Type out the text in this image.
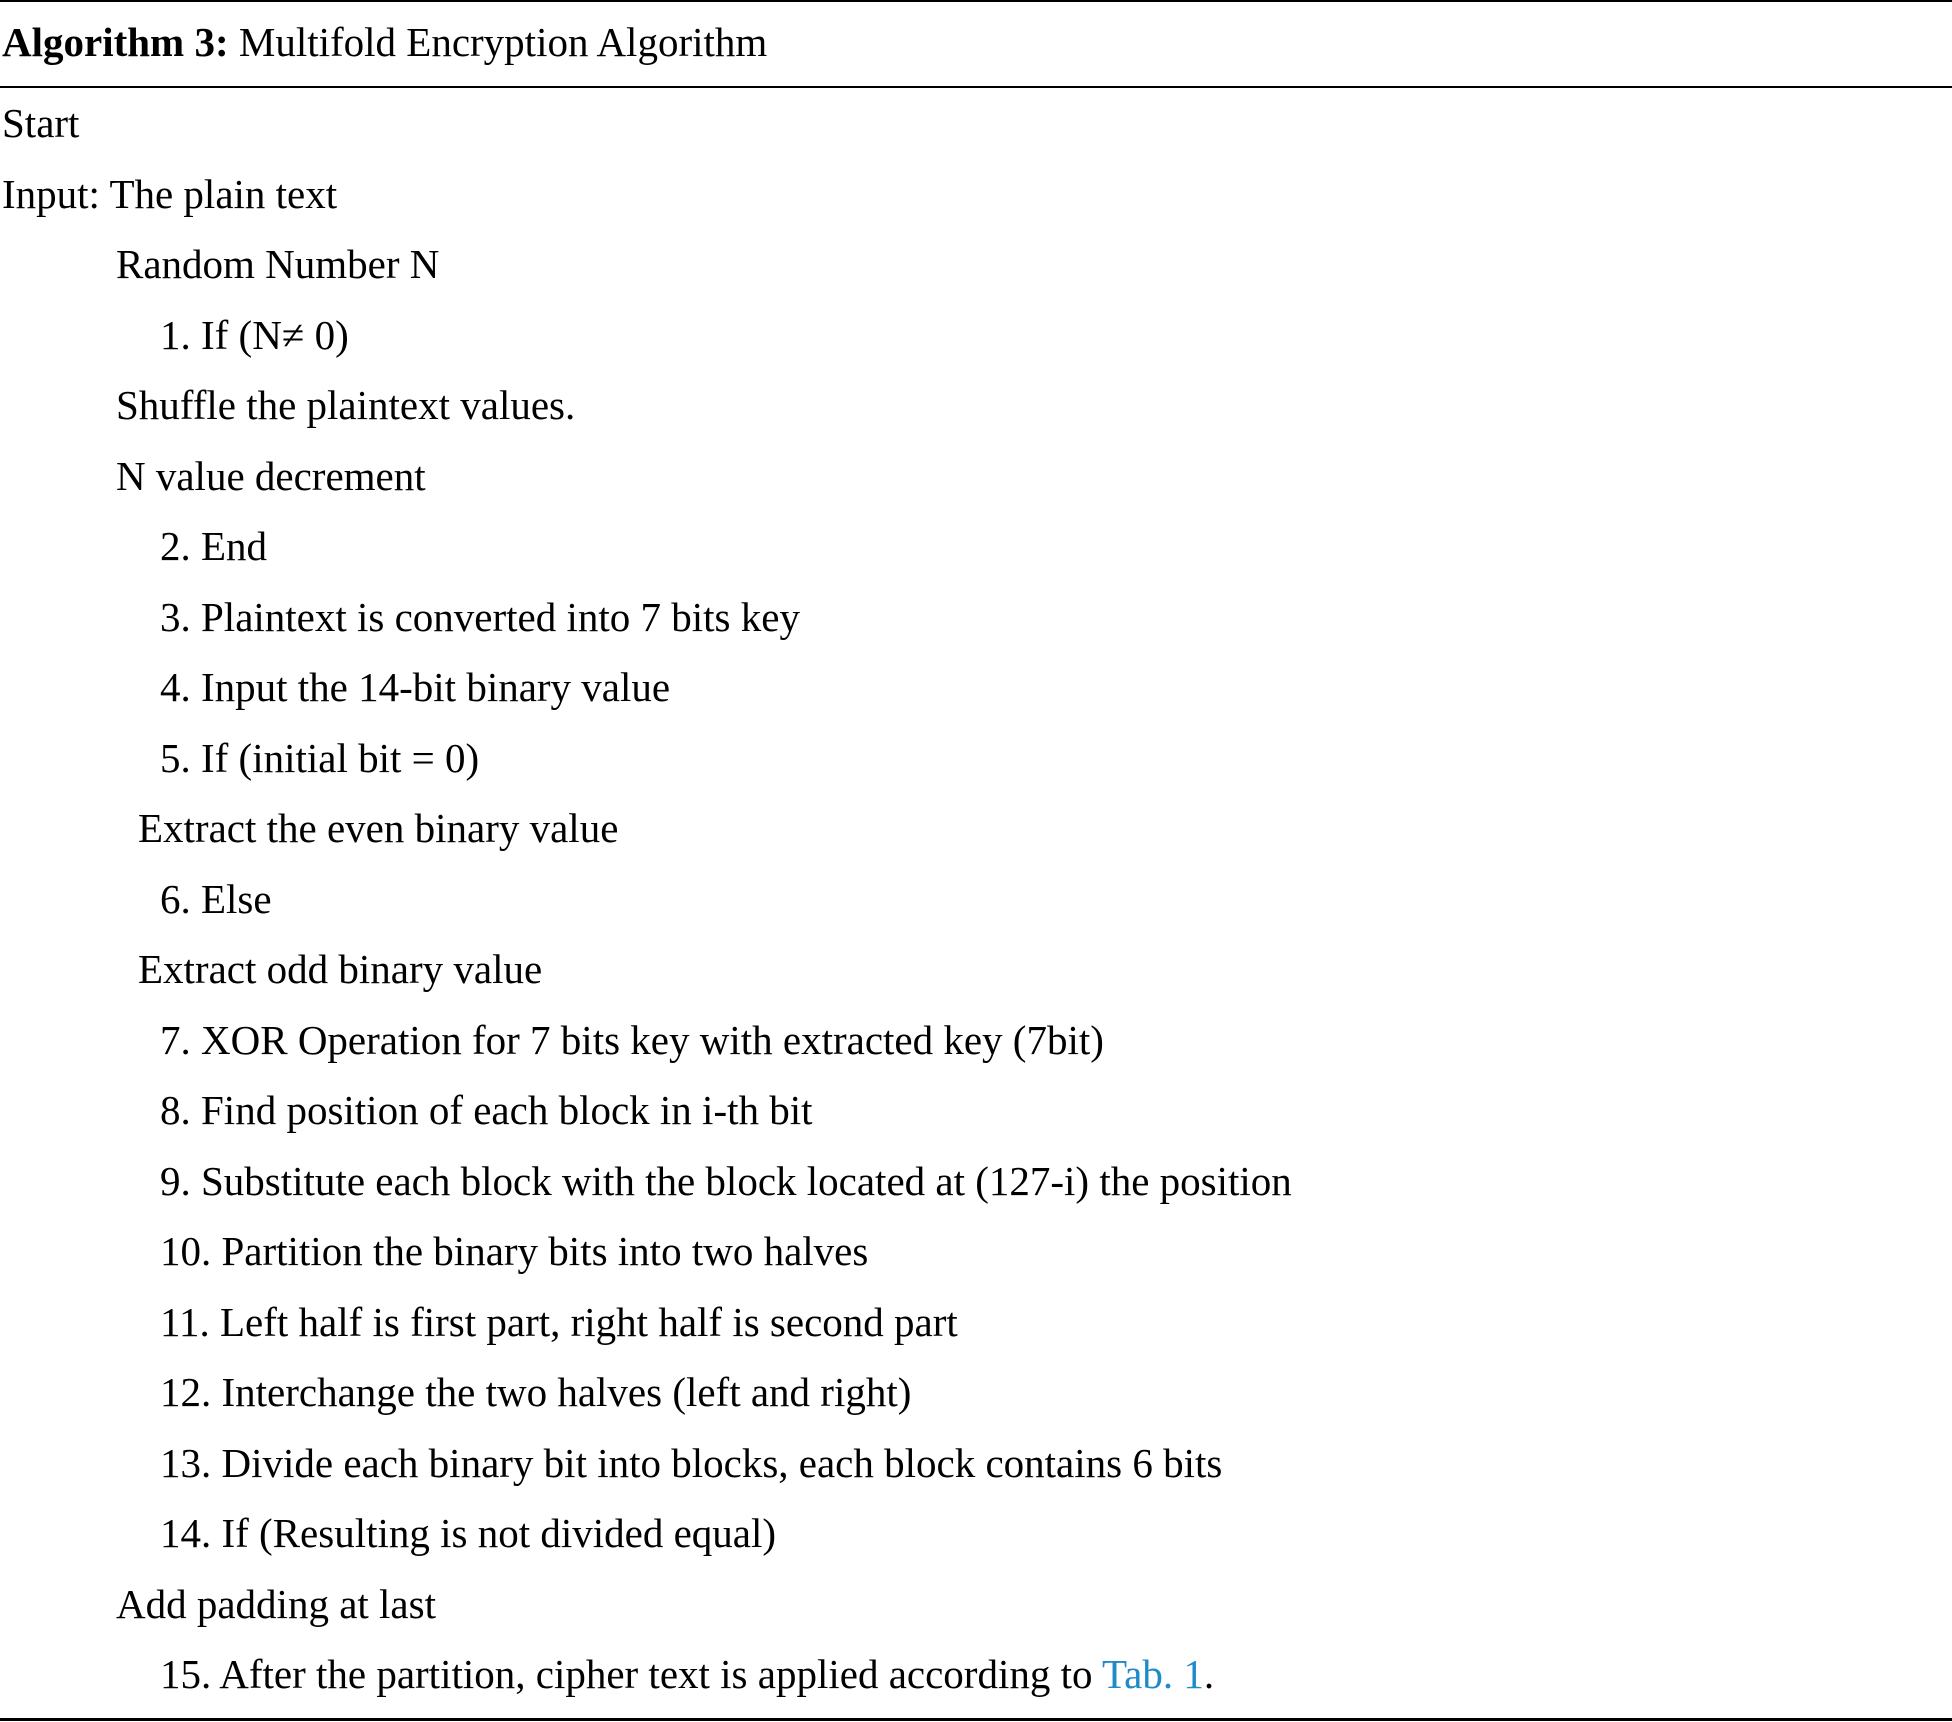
Algorithm 3: Multifold Encryption Algorithm
Start
Input: The plain text
Random Number N
1. If (N≠ 0)
Shuffle the plaintext values.
N value decrement
2. End
3. Plaintext is converted into 7 bits key
4. Input the 14-bit binary value
5. If (initial bit = 0)
Extract the even binary value
6. Else
Extract odd binary value
7. XOR Operation for 7 bits key with extracted key (7bit)
8. Find position of each block in i-th bit
9. Substitute each block with the block located at (127-i) the position
10. Partition the binary bits into two halves
11. Left half is first part, right half is second part
12. Interchange the two halves (left and right)
13. Divide each binary bit into blocks, each block contains 6 bits
14. If (Resulting is not divided equal)
Add padding at last
15. After the partition, cipher text is applied according to Tab. 1.
